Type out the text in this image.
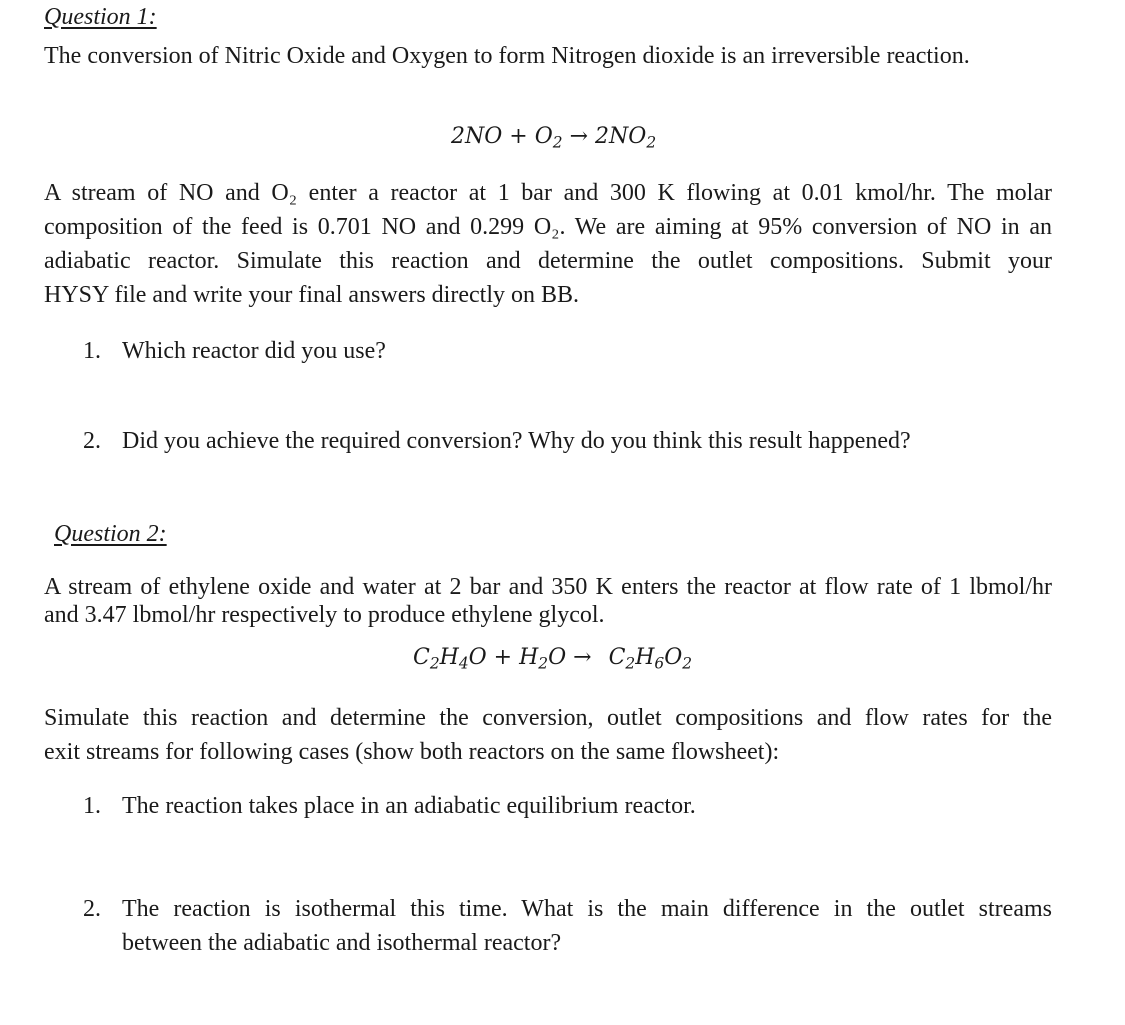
Question 1:
The conversion of Nitric Oxide and Oxygen to form Nitrogen dioxide is an irreversible reaction.
$2NO + O_2 \to 2NO_2$
A stream of NO and O₂ enter a reactor at 1 bar and 300 K flowing at 0.01 kmol/hr. The molar
composition of the feed is 0.701 NO and 0.299 O₂. We are aiming at 95% conversion of NO in an
adiabatic reactor. Simulate this reaction and determine the outlet compositions. Submit your
HYSY file and write your final answers directly on BB.
1. Which reactor did you use?
2. Did you achieve the required conversion? Why do you think this result happened?
Question 2:
A stream of ethylene oxide and water at 2 bar and 350 K enters the reactor at flow rate of 1 lbmol/hr
and 3.47 lbmol/hr respectively to produce ethylene glycol.
$C_2H_4O + H_2O \to C_2H_6O_2$
Simulate this reaction and determine the conversion, outlet compositions and flow rates for the
exit streams for following cases (show both reactors on the same flowsheet):
1. The reaction takes place in an adiabatic equilibrium reactor.
2. The reaction is isothermal this time. What is the main difference in the outlet streams
between the adiabatic and isothermal reactor?
